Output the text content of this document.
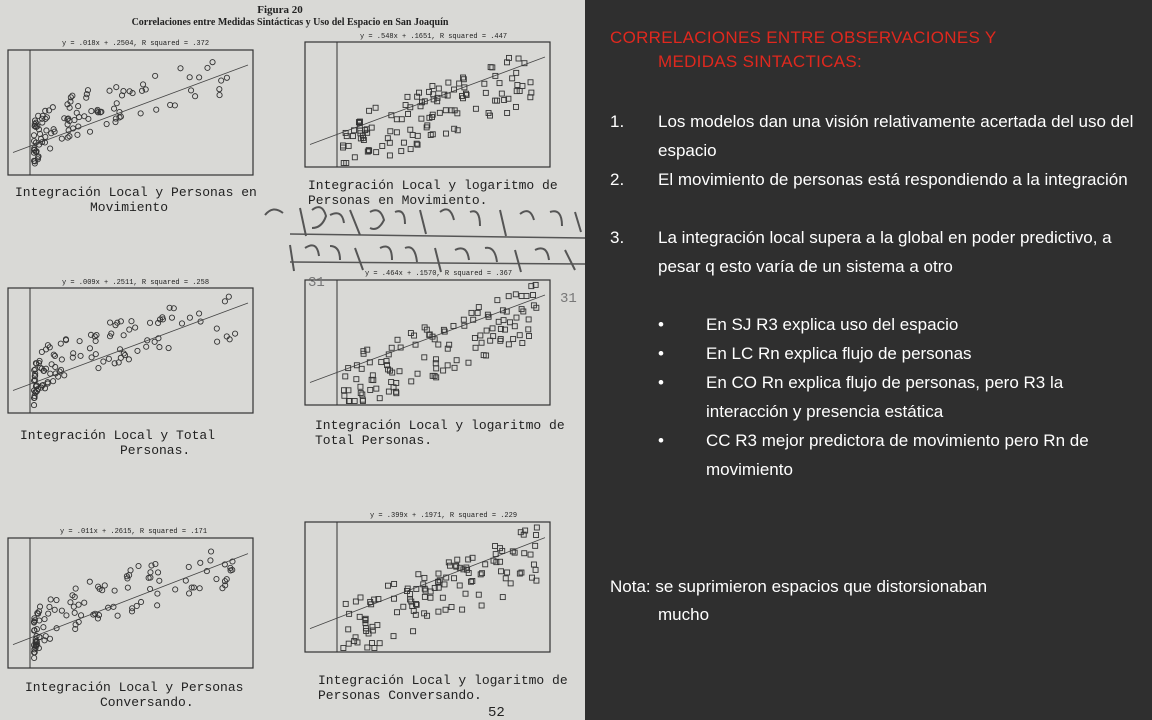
Figura 20
Correlaciones entre Medidas Sintácticas y Uso del Espacio en San Joaquín
31
31
y = .018x + .2504, R squared = .372
y = .548x + .1651, R squared = .447
y = .009x + .2511, R squared = .258
y = .464x + .1570, R squared = .367
y = .011x + .2615, R squared = .171
y = .399x + .1971, R squared = .229
Integración Local y Personas en
Movimiento
Integración Local y logaritmo de
Personas en Movimiento.
Integración Local y Total
Personas.
Integración Local y logaritmo de
Total Personas.
Integración Local y Personas
Conversando.
Integración Local y logaritmo de
Personas Conversando.
52
CORRELACIONES ENTRE OBSERVACIONES Y
MEDIDAS SINTACTICAS:
1. Los modelos dan una visión relativamente acertada del uso del espacio
2. El movimiento de personas está respondiendo a la integración
3. La integración local supera a la global en poder predictivo, a pesar q esto varía de un sistema a otro
• En SJ R3 explica uso del espacio
• En LC Rn explica flujo de personas
• En CO Rn explica flujo de personas, pero R3 la interacción y presencia estática
• CC R3 mejor predictora de movimiento pero Rn de movimiento
Nota: se suprimieron espacios que distorsionaban
mucho
